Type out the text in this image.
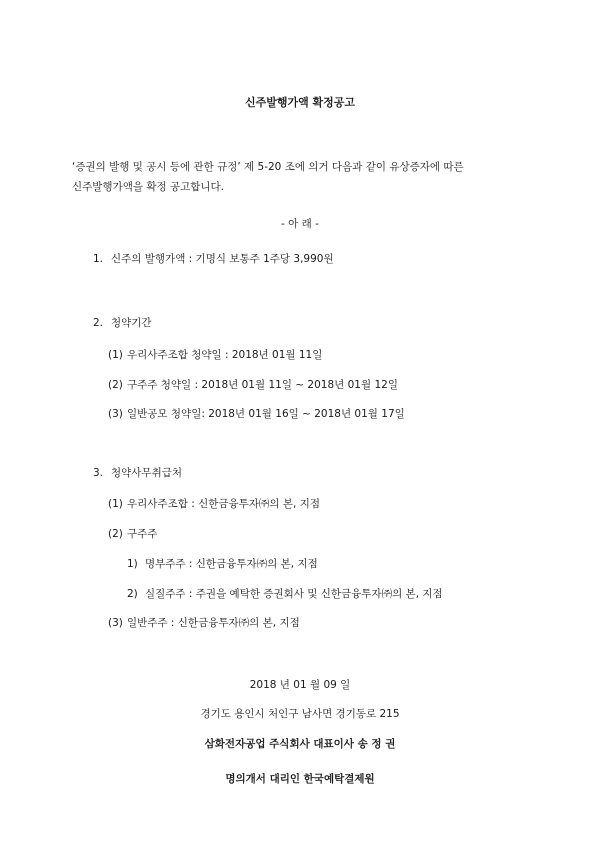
신주발행가액 확정공고
‘증권의 발행 및 공시 등에 관한 규정’ 제 5-20 조에 의거 다음과 같이 유상증자에 따른
신주발행가액을 확정 공고합니다.
- 아 래 -
1. 신주의 발행가액 : 기명식 보통주 1주당 3,990원
2. 청약기간
(1) 우리사주조합 청약일 : 2018년 01월 11일
(2) 구주주 청약일 : 2018년 01월 11일 ~ 2018년 01월 12일
(3) 일반공모 청약일: 2018년 01월 16일 ~ 2018년 01월 17일
3. 청약사무취급처
(1) 우리사주조합 : 신한금융투자㈜의 본, 지점
(2) 구주주
1) 명부주주 : 신한금융투자㈜의 본, 지점
2) 실질주주 : 주권을 예탁한 증권회사 및 신한금융투자㈜의 본, 지점
(3) 일반주주 : 신한금융투자㈜의 본, 지점
2018 년 01 월 09 일
경기도 용인시 처인구 남사면 경기동로 215
삼화전자공업 주식회사 대표이사 송 정 권
명의개서 대리인 한국예탁결제원
